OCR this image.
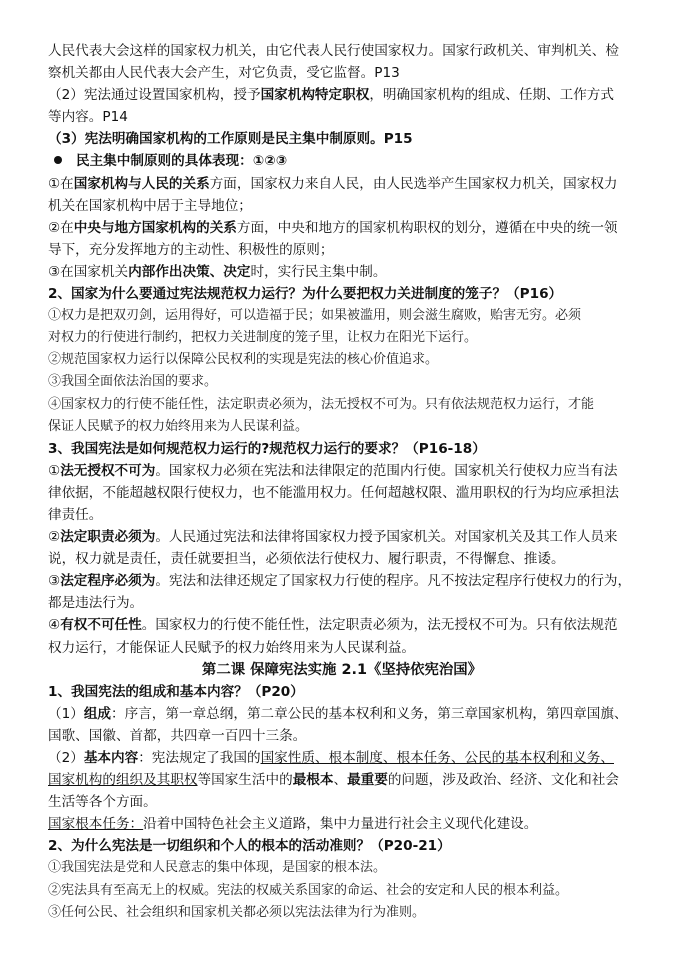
人民代表大会这样的国家权力机关，由它代表人民行使国家权力。国家行政机关、审判机关、检
察机关都由人民代表大会产生，对它负责，受它监督。P13
（2）宪法通过设置国家机构，授予国家机构特定职权，明确国家机构的组成、任期、工作方式
等内容。P14
（3）宪法明确国家机构的工作原则是民主集中制原则。P15
民主集中制原则的具体表现：①②③
①在国家机构与人民的关系方面，国家权力来自人民，由人民选举产生国家权力机关，国家权力
机关在国家机构中居于主导地位；
②在中央与地方国家机构的关系方面，中央和地方的国家机构职权的划分，遵循在中央的统一领
导下，充分发挥地方的主动性、积极性的原则；
③在国家机关内部作出决策、决定时，实行民主集中制。
2、国家为什么要通过宪法规范权力运行？为什么要把权力关进制度的笼子？（P16）
①权力是把双刃剑，运用得好，可以造福于民；如果被滥用，则会滋生腐败，贻害无穷。必须
对权力的行使进行制约，把权力关进制度的笼子里，让权力在阳光下运行。
②规范国家权力运行以保障公民权利的实现是宪法的核心价值追求。
③我国全面依法治国的要求。
④国家权力的行使不能任性，法定职责必须为，法无授权不可为。只有依法规范权力运行，才能
保证人民赋予的权力始终用来为人民谋利益。
3、我国宪法是如何规范权力运行的?规范权力运行的要求？（P16-18）
①法无授权不可为。国家权力必须在宪法和法律限定的范围内行使。国家机关行使权力应当有法
律依据，不能超越权限行使权力，也不能滥用权力。任何超越权限、滥用职权的行为均应承担法
律责任。
②法定职责必须为。人民通过宪法和法律将国家权力授予国家机关。对国家机关及其工作人员来
说，权力就是责任，责任就要担当，必须依法行使权力、履行职责，不得懈怠、推诿。
③法定程序必须为。宪法和法律还规定了国家权力行使的程序。凡不按法定程序行使权力的行为，
都是违法行为。
④有权不可任性。国家权力的行使不能任性，法定职责必须为，法无授权不可为。只有依法规范
权力运行，才能保证人民赋予的权力始终用来为人民谋利益。
第二课 保障宪法实施 2.1《坚持依宪治国》
1、我国宪法的组成和基本内容？（P20）
（1）组成：序言，第一章总纲，第二章公民的基本权利和义务，第三章国家机构，第四章国旗、
国歌、国徽、首都，共四章一百四十三条。
（2）基本内容：宪法规定了我国的国家性质、根本制度、根本任务、公民的基本权利和义务、
国家机构的组织及其职权等国家生活中的最根本、最重要的问题，涉及政治、经济、文化和社会
生活等各个方面。
国家根本任务：沿着中国特色社会主义道路，集中力量进行社会主义现代化建设。
2、为什么宪法是一切组织和个人的根本的活动准则？（P20-21）
①我国宪法是党和人民意志的集中体现，是国家的根本法。
②宪法具有至高无上的权威。宪法的权威关系国家的命运、社会的安定和人民的根本利益。
③任何公民、社会组织和国家机关都必须以宪法法律为行为准则。
